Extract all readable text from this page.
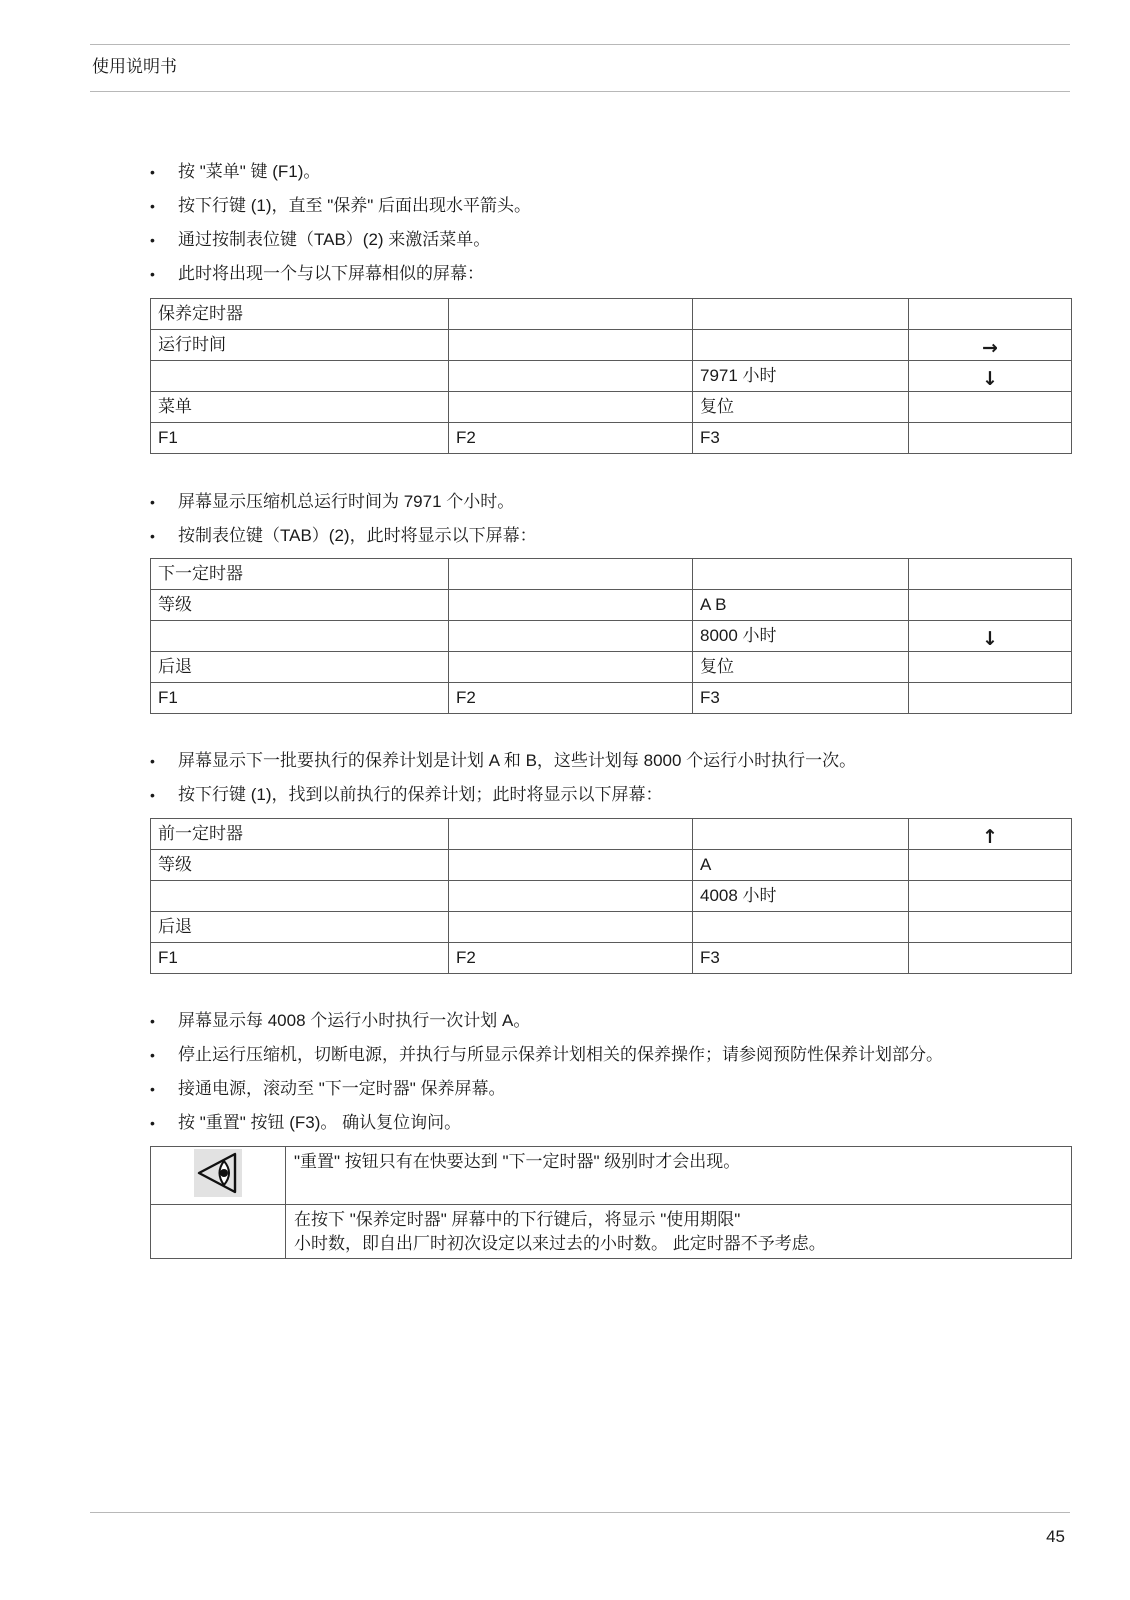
使用说明书
• 按 "菜单" 键 (F1)。
• 按下行键 (1)，直至 "保养" 后面出现水平箭头。
• 通过按制表位键（TAB）(2) 来激活菜单。
• 此时将出现一个与以下屏幕相似的屏幕：
保养定时器			
运行时间			→
		7971 小时	↓
菜单		复位	
F1	F2	F3	
• 屏幕显示压缩机总运行时间为 7971 个小时。
• 按制表位键（TAB）(2)，此时将显示以下屏幕：
下一定时器			
等级		A B	
		8000 小时	↓
后退		复位	
F1	F2	F3	
• 屏幕显示下一批要执行的保养计划是计划 A 和 B，这些计划每 8000 个运行小时执行一次。
• 按下行键 (1)，找到以前执行的保养计划；此时将显示以下屏幕：
前一定时器			↑
等级		A	
		4008 小时	
后退			
F1	F2	F3	
• 屏幕显示每 4008 个运行小时执行一次计划 A。
• 停止运行压缩机，切断电源，并执行与所显示保养计划相关的保养操作；请参阅预防性保养计划部分。
• 接通电源，滚动至 "下一定时器" 保养屏幕。
• 按 "重置" 按钮 (F3)。 确认复位询问。

"重置" 按钮只有在快要达到 "下一定时器" 级别时才会出现。

	在按下 "保养定时器" 屏幕中的下行键后，将显示 "使用期限"
小时数，即自出厂时初次设定以来过去的小时数。 此定时器不予考虑。
45
